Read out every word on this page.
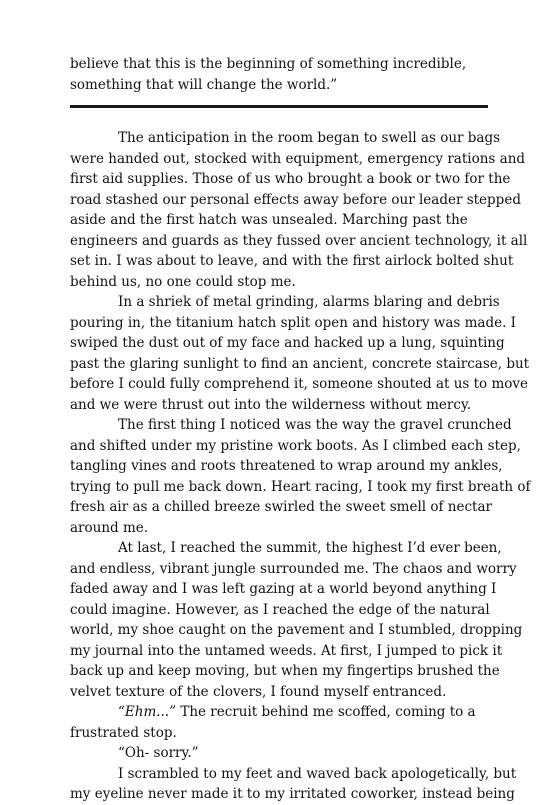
believe that this is the beginning of something incredible,
something that will change the world.”
The anticipation in the room began to swell as our bags
were handed out, stocked with equipment, emergency rations and
first aid supplies. Those of us who brought a book or two for the
road stashed our personal effects away before our leader stepped
aside and the first hatch was unsealed. Marching past the
engineers and guards as they fussed over ancient technology, it all
set in. I was about to leave, and with the first airlock bolted shut
behind us, no one could stop me.
In a shriek of metal grinding, alarms blaring and debris
pouring in, the titanium hatch split open and history was made. I
swiped the dust out of my face and hacked up a lung, squinting
past the glaring sunlight to find an ancient, concrete staircase, but
before I could fully comprehend it, someone shouted at us to move
and we were thrust out into the wilderness without mercy.
The first thing I noticed was the way the gravel crunched
and shifted under my pristine work boots. As I climbed each step,
tangling vines and roots threatened to wrap around my ankles,
trying to pull me back down. Heart racing, I took my first breath of
fresh air as a chilled breeze swirled the sweet smell of nectar
around me.
At last, I reached the summit, the highest I’d ever been,
and endless, vibrant jungle surrounded me. The chaos and worry
faded away and I was left gazing at a world beyond anything I
could imagine. However, as I reached the edge of the natural
world, my shoe caught on the pavement and I stumbled, dropping
my journal into the untamed weeds. At first, I jumped to pick it
back up and keep moving, but when my fingertips brushed the
velvet texture of the clovers, I found myself entranced.
“Ehm...” The recruit behind me scoffed, coming to a
frustrated stop.
“Oh- sorry.”
I scrambled to my feet and waved back apologetically, but
my eyeline never made it to my irritated coworker, instead being
